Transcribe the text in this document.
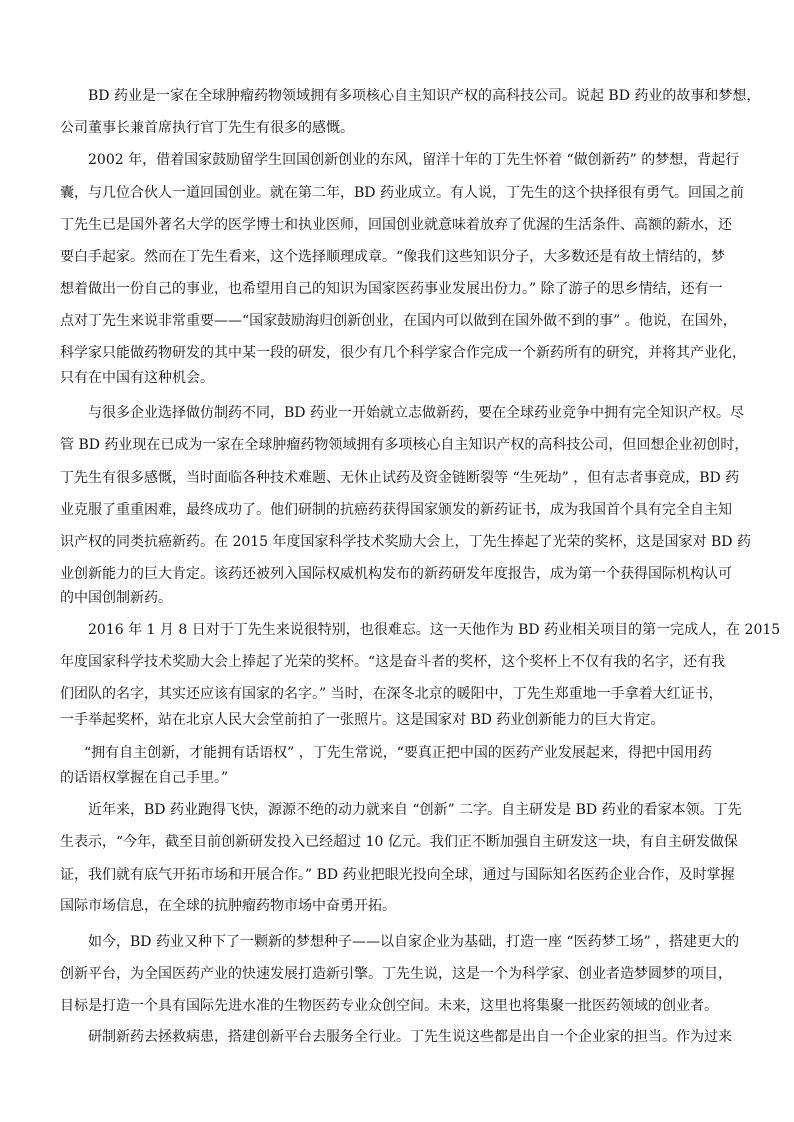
BD 药业是一家在全球肿瘤药物领域拥有多项核心自主知识产权的高科技公司。说起 BD 药业的故事和梦想，
公司董事长兼首席执行官丁先生有很多的感慨。
2002 年，借着国家鼓励留学生回国创新创业的东风，留洋十年的丁先生怀着 “做创新药” 的梦想，背起行
囊，与几位合伙人一道回国创业。就在第二年，BD 药业成立。有人说，丁先生的这个抉择很有勇气。回国之前
丁先生已是国外著名大学的医学博士和执业医师，回国创业就意味着放弃了优渥的生活条件、高额的薪水，还
要白手起家。然而在丁先生看来，这个选择顺理成章。“像我们这些知识分子，大多数还是有故土情结的，梦
想着做出一份自己的事业，也希望用自己的知识为国家医药事业发展出份力。” 除了游子的思乡情结，还有一
点对丁先生来说非常重要——“国家鼓励海归创新创业，在国内可以做到在国外做不到的事” 。他说，在国外，
科学家只能做药物研发的其中某一段的研发，很少有几个科学家合作完成一个新药所有的研究，并将其产业化，
只有在中国有这种机会。
与很多企业选择做仿制药不同，BD 药业一开始就立志做新药，要在全球药业竞争中拥有完全知识产权。尽
管 BD 药业现在已成为一家在全球肿瘤药物领域拥有多项核心自主知识产权的高科技公司，但回想企业初创时，
丁先生有很多感慨，当时面临各种技术难题、无休止试药及资金链断裂等 “生死劫” ，但有志者事竟成，BD 药
业克服了重重困难，最终成功了。他们研制的抗癌药获得国家颁发的新药证书，成为我国首个具有完全自主知
识产权的同类抗癌新药。在 2015 年度国家科学技术奖励大会上，丁先生捧起了光荣的奖杯，这是国家对 BD 药
业创新能力的巨大肯定。该药还被列入国际权威机构发布的新药研发年度报告，成为第一个获得国际机构认可
的中国创制新药。
2016 年 1 月 8 日对于丁先生来说很特别，也很难忘。这一天他作为 BD 药业相关项目的第一完成人，在 2015
年度国家科学技术奖励大会上捧起了光荣的奖杯。“这是奋斗者的奖杯，这个奖杯上不仅有我的名字，还有我
们团队的名字，其实还应该有国家的名字。” 当时，在深冬北京的暖阳中，丁先生郑重地一手拿着大红证书，
一手举起奖杯，站在北京人民大会堂前拍了一张照片。这是国家对 BD 药业创新能力的巨大肯定。
“拥有自主创新，才能拥有话语权” ，丁先生常说，“要真正把中国的医药产业发展起来，得把中国用药
的话语权掌握在自己手里。”
近年来，BD 药业跑得飞快，源源不绝的动力就来自 “创新” 二字。自主研发是 BD 药业的看家本领。丁先
生表示，“今年，截至目前创新研发投入已经超过 10 亿元。我们正不断加强自主研发这一块，有自主研发做保
证，我们就有底气开拓市场和开展合作。” BD 药业把眼光投向全球，通过与国际知名医药企业合作，及时掌握
国际市场信息，在全球的抗肿瘤药物市场中奋勇开拓。
如今，BD 药业又种下了一颗新的梦想种子——以自家企业为基础，打造一座 “医药梦工场” ，搭建更大的
创新平台，为全国医药产业的快速发展打造新引擎。丁先生说，这是一个为科学家、创业者造梦圆梦的项目，
目标是打造一个具有国际先进水准的生物医药专业众创空间。未来，这里也将集聚一批医药领域的创业者。
研制新药去拯救病患，搭建创新平台去服务全行业。丁先生说这些都是出自一个企业家的担当。作为过来
